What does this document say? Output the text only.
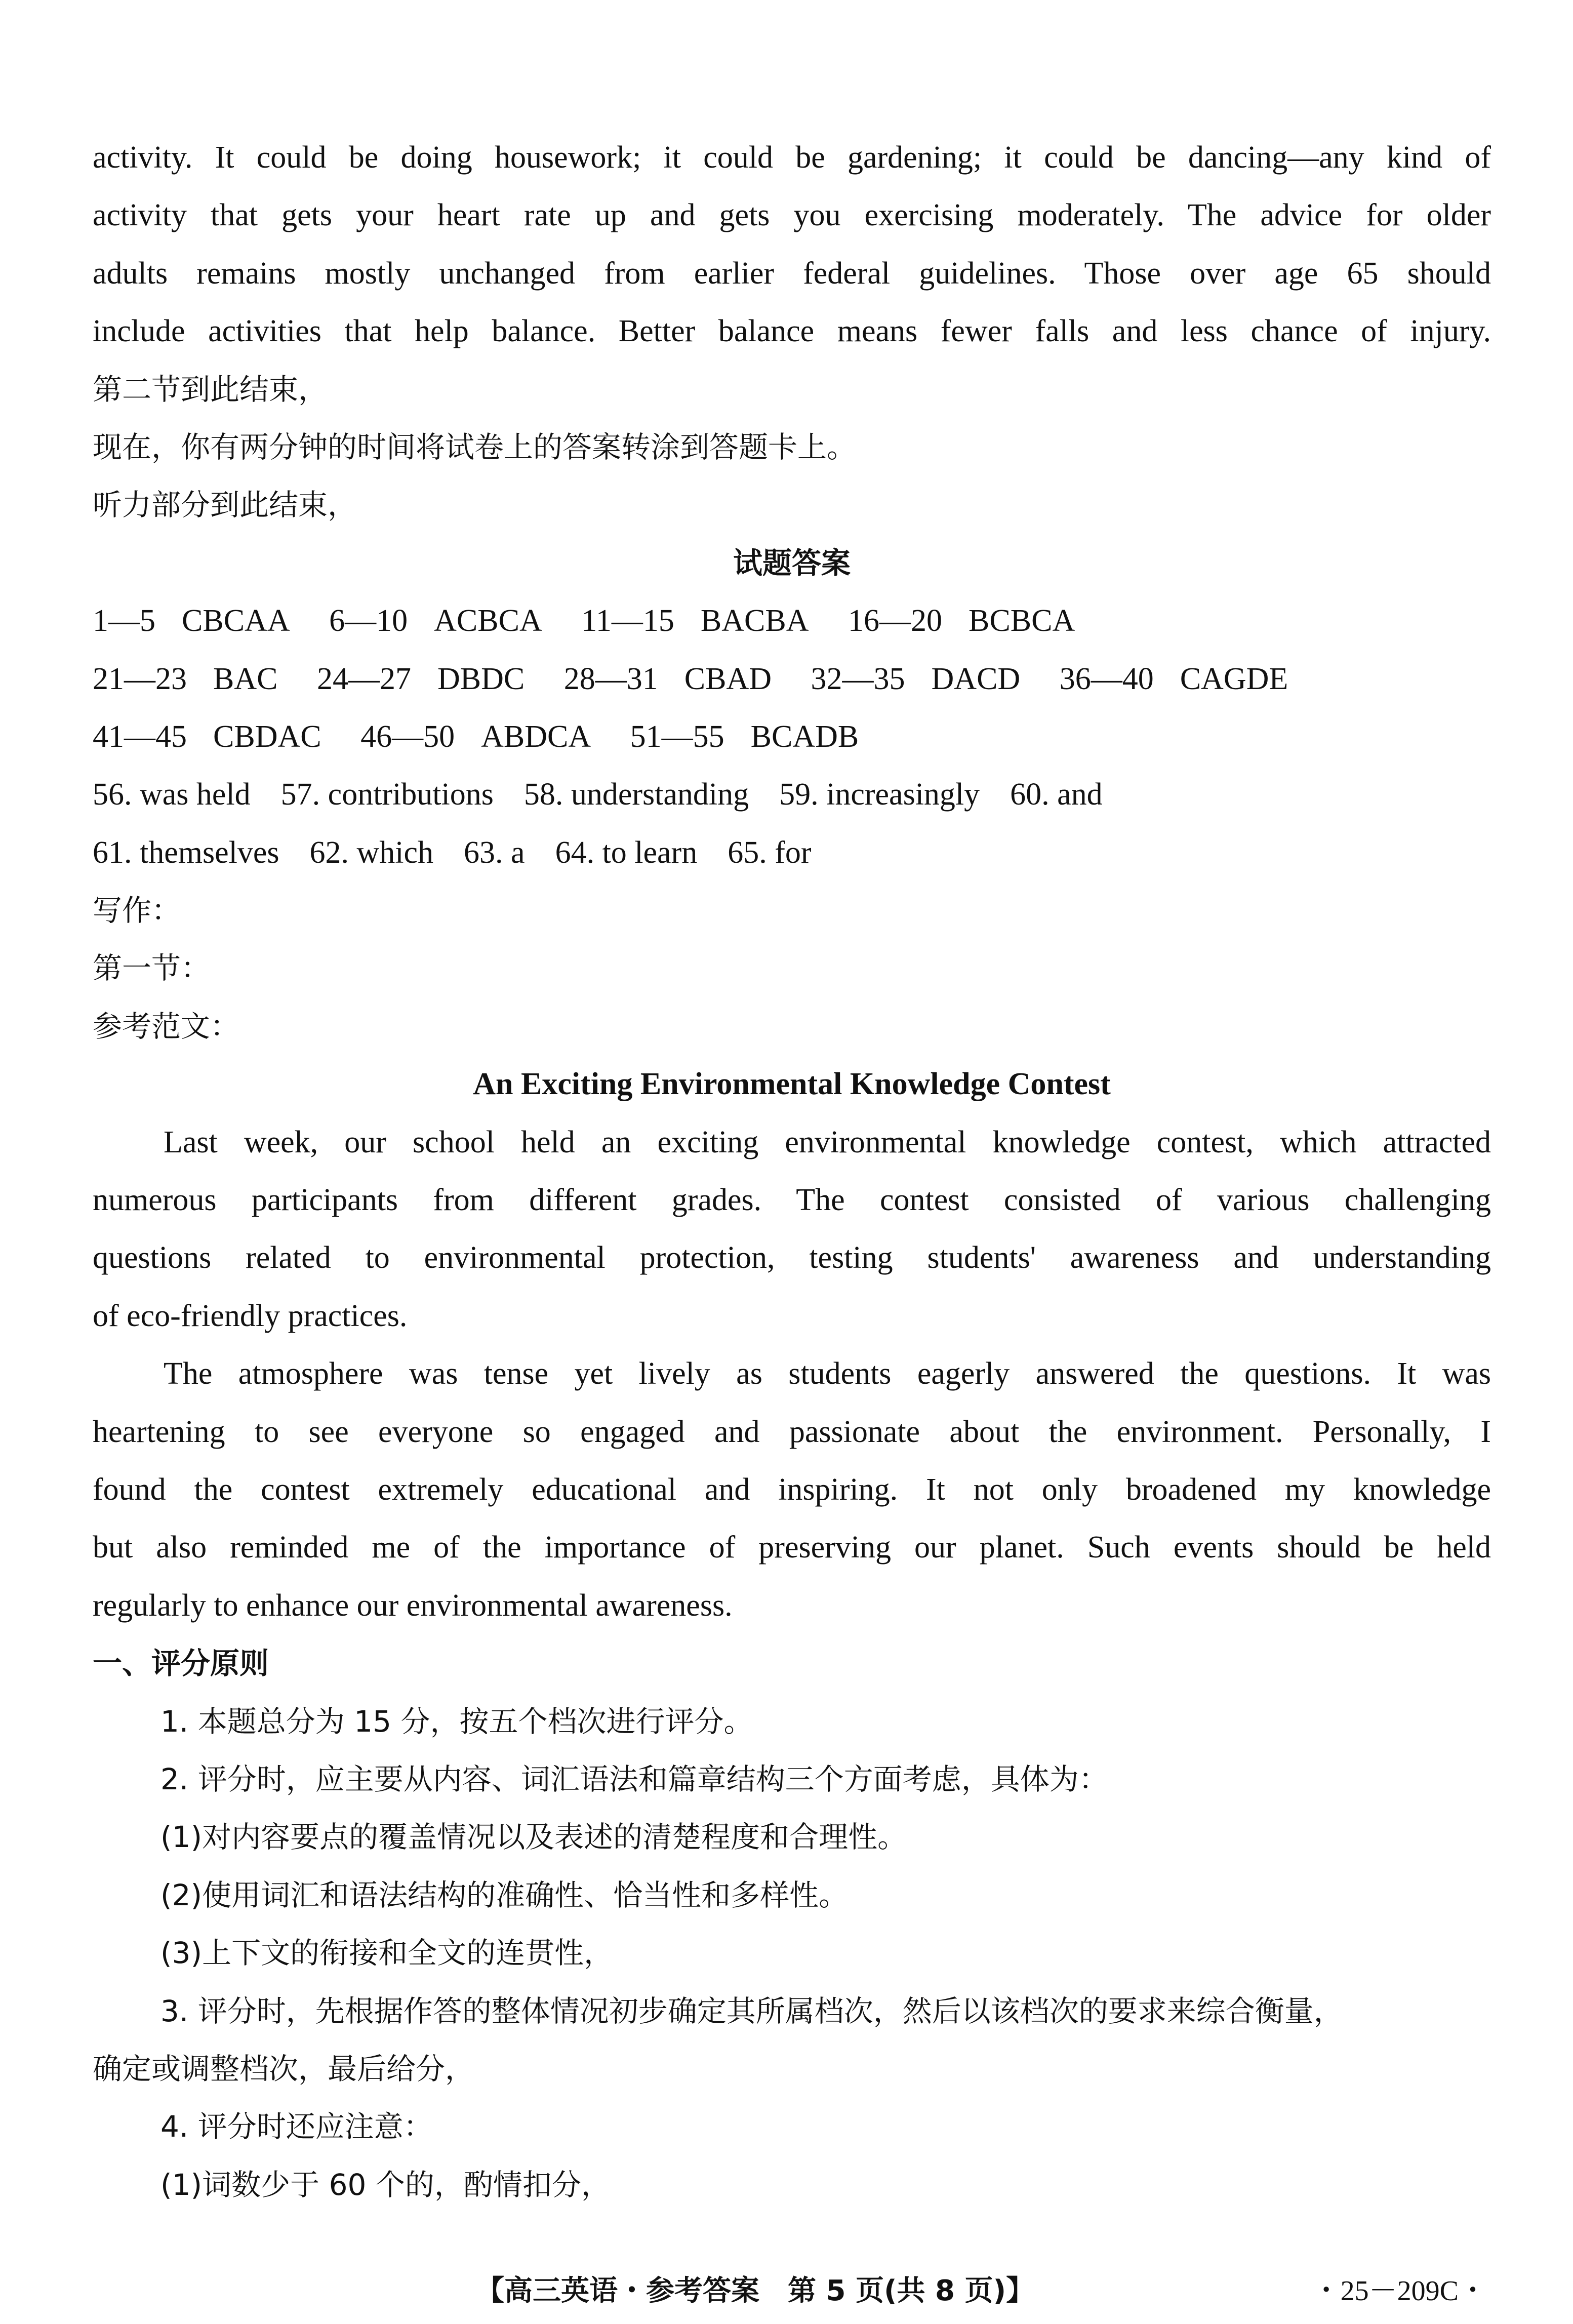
activity. It could be doing housework; it could be gardening; it could be dancing—any kind of
activity that gets your heart rate up and gets you exercising moderately. The advice for older
adults remains mostly unchanged from earlier federal guidelines. Those over age 65 should
include activities that help balance. Better balance means fewer falls and less chance of injury.
第二节到此结束，
现在，你有两分钟的时间将试卷上的答案转涂到答题卡上。
听力部分到此结束，
试题答案
1—5 CBCAA 6—10 ACBCA 11—15 BACBA 16—20 BCBCA
21—23 BAC 24—27 DBDC 28—31 CBAD 32—35 DACD 36—40 CAGDE
41—45 CBDAC 46—50 ABDCA 51—55 BCADB
56. was held 57. contributions 58. understanding 59. increasingly 60. and
61. themselves 62. which 63. a 64. to learn 65. for
写作：
第一节：
参考范文：
An Exciting Environmental Knowledge Contest
Last week, our school held an exciting environmental knowledge contest, which attracted
numerous participants from different grades. The contest consisted of various challenging
questions related to environmental protection, testing students' awareness and understanding
of eco-friendly practices.
The atmosphere was tense yet lively as students eagerly answered the questions. It was
heartening to see everyone so engaged and passionate about the environment. Personally, I
found the contest extremely educational and inspiring. It not only broadened my knowledge
but also reminded me of the importance of preserving our planet. Such events should be held
regularly to enhance our environmental awareness.
一、评分原则
1. 本题总分为 15 分，按五个档次进行评分。
2. 评分时，应主要从内容、词汇语法和篇章结构三个方面考虑，具体为：
(1)对内容要点的覆盖情况以及表述的清楚程度和合理性。
(2)使用词汇和语法结构的准确性、恰当性和多样性。
(3)上下文的衔接和全文的连贯性，
3. 评分时，先根据作答的整体情况初步确定其所属档次，然后以该档次的要求来综合衡量，
确定或调整档次，最后给分，
4. 评分时还应注意：
(1)词数少于 60 个的，酌情扣分，
【高三英语・参考答案　第 5 页(共 8 页)】	・25－209C・
